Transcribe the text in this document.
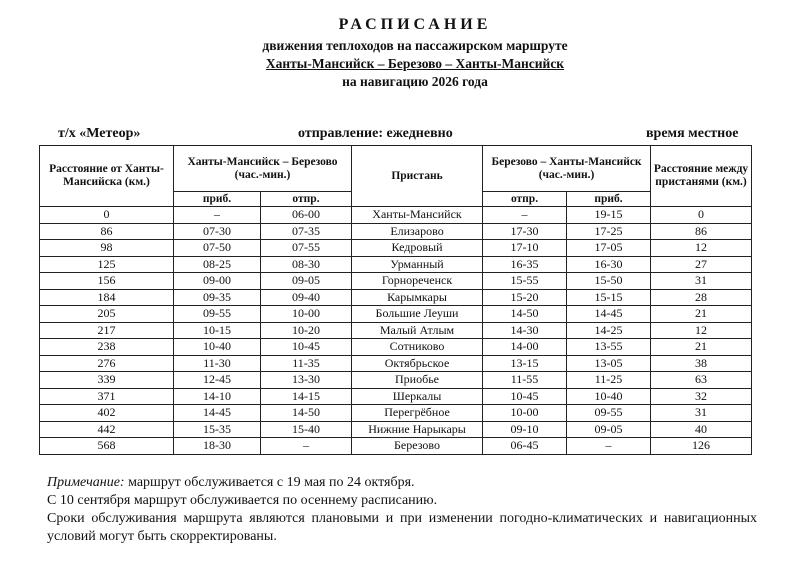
РАСПИСАНИЕ
движения теплоходов на пассажирском маршруте
Ханты-Мансийск – Березово – Ханты-Мансийск
на навигацию 2026 года
т/х «Метеор»	отправление: ежедневно	время местное
Расстояние от Ханты-Мансийска (км.)	Ханты-Мансийск – Березово (час.-мин.)		Пристань	Березово – Ханты-Мансийск (час.-мин.)		Расстояние между пристанями (км.)
	приб.	отпр.		отпр.	приб.	
0	–	06-00	Ханты-Мансийск	–	19-15	0
86	07-30	07-35	Елизарово	17-30	17-25	86
98	07-50	07-55	Кедровый	17-10	17-05	12
125	08-25	08-30	Урманный	16-35	16-30	27
156	09-00	09-05	Горнореченск	15-55	15-50	31
184	09-35	09-40	Карымкары	15-20	15-15	28
205	09-55	10-00	Большие Леуши	14-50	14-45	21
217	10-15	10-20	Малый Атлым	14-30	14-25	12
238	10-40	10-45	Сотниково	14-00	13-55	21
276	11-30	11-35	Октябрьское	13-15	13-05	38
339	12-45	13-30	Приобье	11-55	11-25	63
371	14-10	14-15	Шеркалы	10-45	10-40	32
402	14-45	14-50	Перегрёбное	10-00	09-55	31
442	15-35	15-40	Нижние Нарыкары	09-10	09-05	40
568	18-30	–	Березово	06-45	–	126

Примечание: маршрут обслуживается с 19 мая по 24 октября.

С 10 сентября маршрут обслуживается по осеннему расписанию.

Сроки обслуживания маршрута являются плановыми и при изменении погодно-климатических и навигационных условий могут быть скорректированы.
